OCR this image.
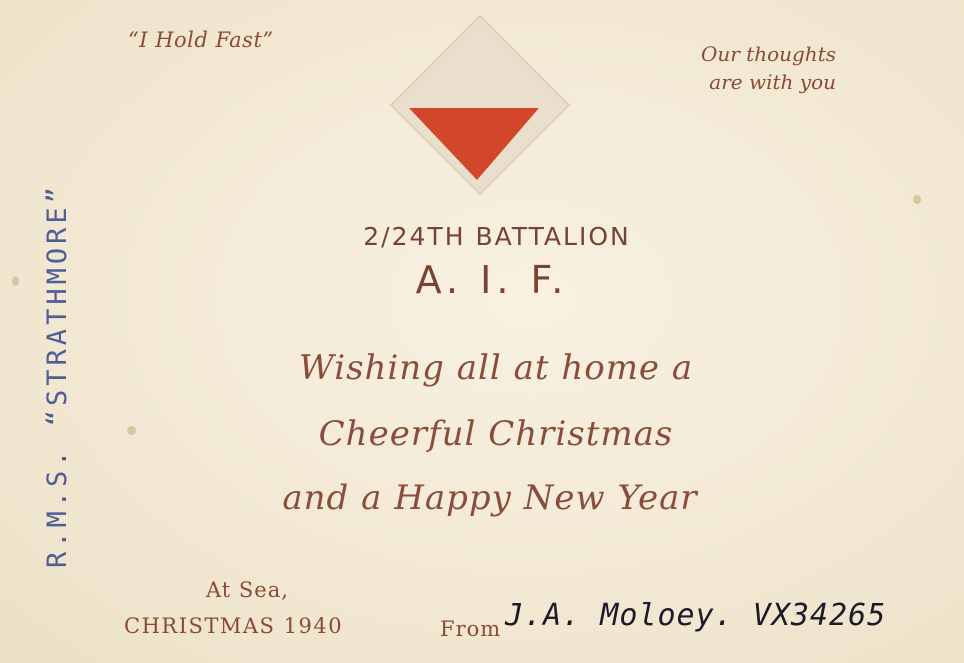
“I Hold Fast”
Our thoughts
are with you
2/24TH BATTALION
A. I. F.
Wishing all at home a
Cheerful Christmas
and a Happy New Year
At Sea,
CHRISTMAS 1940	From J.A. Moloey. VX34265
R.M.S. “STRATHMORE”
